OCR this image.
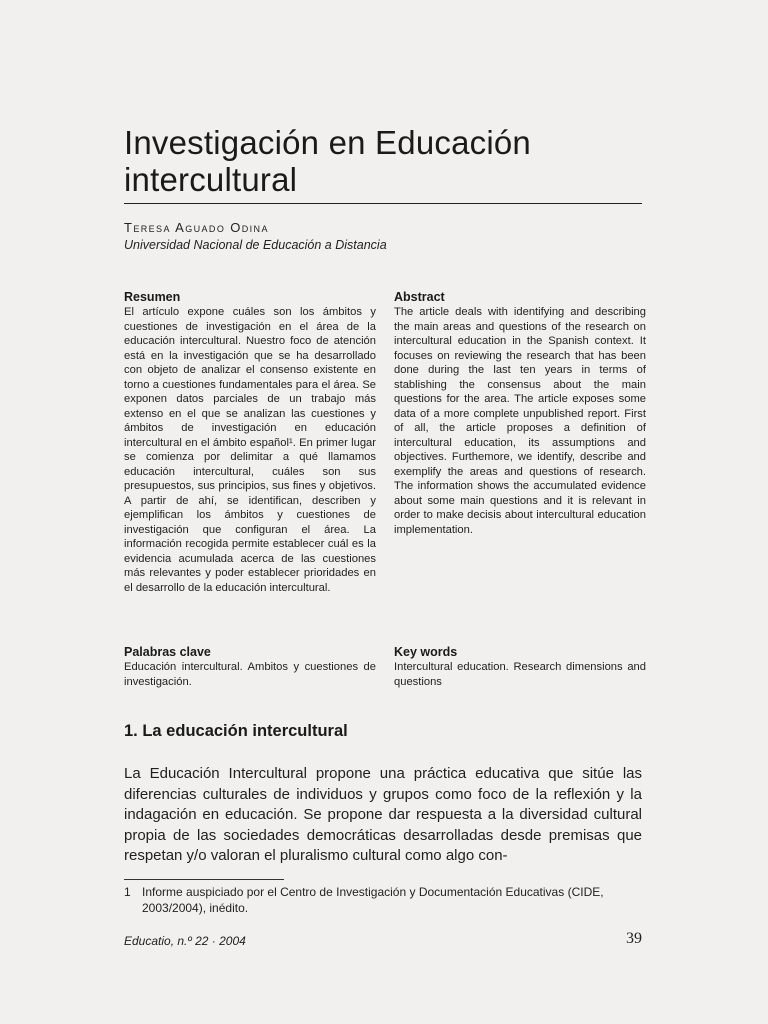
Investigación en Educación
intercultural
Teresa Aguado Odina
Universidad Nacional de Educación a Distancia
Resumen

El artículo expone cuáles son los ámbitos y cuestiones de investigación en el área de la educación intercultural. Nuestro foco de atención está en la investigación que se ha desarrollado con objeto de analizar el consenso existente en torno a cuestiones fundamentales para el área. Se exponen datos parciales de un trabajo más extenso en el que se analizan las cuestiones y ámbitos de investigación en educación intercultural en el ámbito español¹. En primer lugar se comienza por delimitar a qué llamamos educación intercultural, cuáles son sus presupuestos, sus principios, sus fines y objetivos. A partir de ahí, se identifican, describen y ejemplifican los ámbitos y cuestiones de investigación que configuran el área. La información recogida permite establecer cuál es la evidencia acumulada acerca de las cuestiones más relevantes y poder establecer prioridades en el desarrollo de la educación intercultural.

Abstract

The article deals with identifying and describing the main areas and questions of the research on intercultural education in the Spanish context. It focuses on reviewing the research that has been done during the last ten years in terms of stablishing the consensus about the main questions for the area. The article exposes some data of a more complete unpublished report. First of all, the article proposes a definition of intercultural education, its assumptions and objectives. Furthemore, we identify, describe and exemplify the areas and questions of research. The information shows the accumulated evidence about some main questions and it is relevant in order to make decisis about intercultural education implementation.

Palabras clave

Educación intercultural. Ambitos y cuestiones de investigación.

Key words

Intercultural education. Research dimensions and questions

1. La educación intercultural
La Educación Intercultural propone una práctica educativa que sitúe las diferencias culturales de individuos y grupos como foco de la reflexión y la indagación en educación. Se propone dar respuesta a la diversidad cultural propia de las sociedades democráticas desarrolladas desde premisas que respetan y/o valoran el pluralismo cultural como algo con-
1 Informe auspiciado por el Centro de Investigación y Documentación Educativas (CIDE, 2003/2004), inédito.
Educatio, n.º 22 · 2004	39
